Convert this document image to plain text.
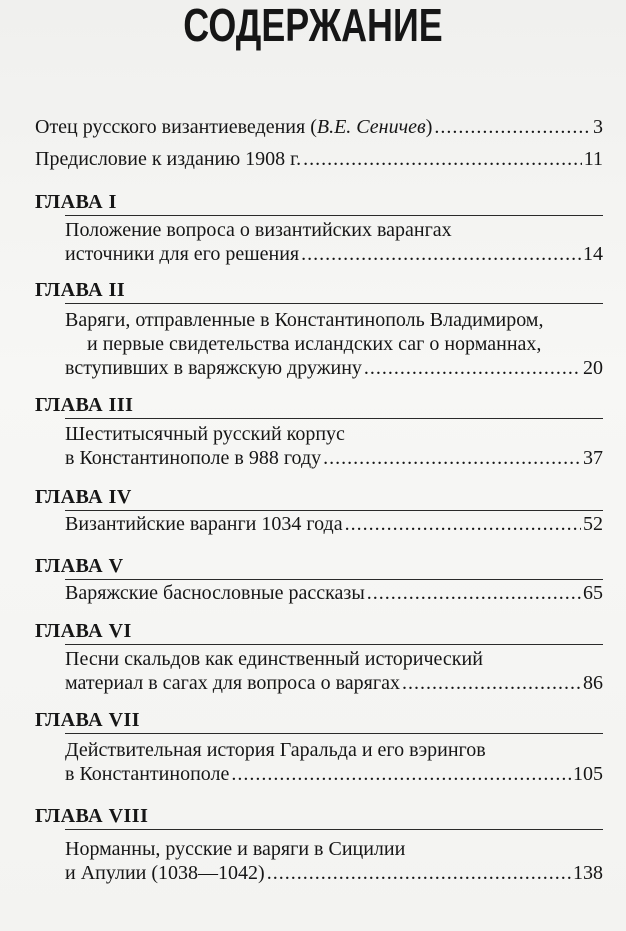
СОДЕРЖАНИЕ
Отец русского византиеведения (В.Е. Сеничев) .....	3
Предисловие к изданию 1908 г. .....	11
ГЛАВА I
Положение вопроса о византийских варангах
источники для его решения .....	14
ГЛАВА II
Варяги, отправленные в Константинополь Владимиром,
и первые свидетельства исландских саг о норманнах,
вступивших в варяжскую дружину .....	20
ГЛАВА III
Шеститысячный русский корпус
в Константинополе в 988 году .....	37
ГЛАВА IV
Византийские варанги 1034 года .....	52
ГЛАВА V
Варяжские баснословные рассказы .....	65
ГЛАВА VI
Песни скальдов как единственный исторический
материал в сагах для вопроса о варягах .....	86
ГЛАВА VII
Действительная история Гаральда и его вэрингов
в Константинополе .....	105
ГЛАВА VIII
Норманны, русские и варяги в Сицилии
и Апулии (1038—1042) .....	138
